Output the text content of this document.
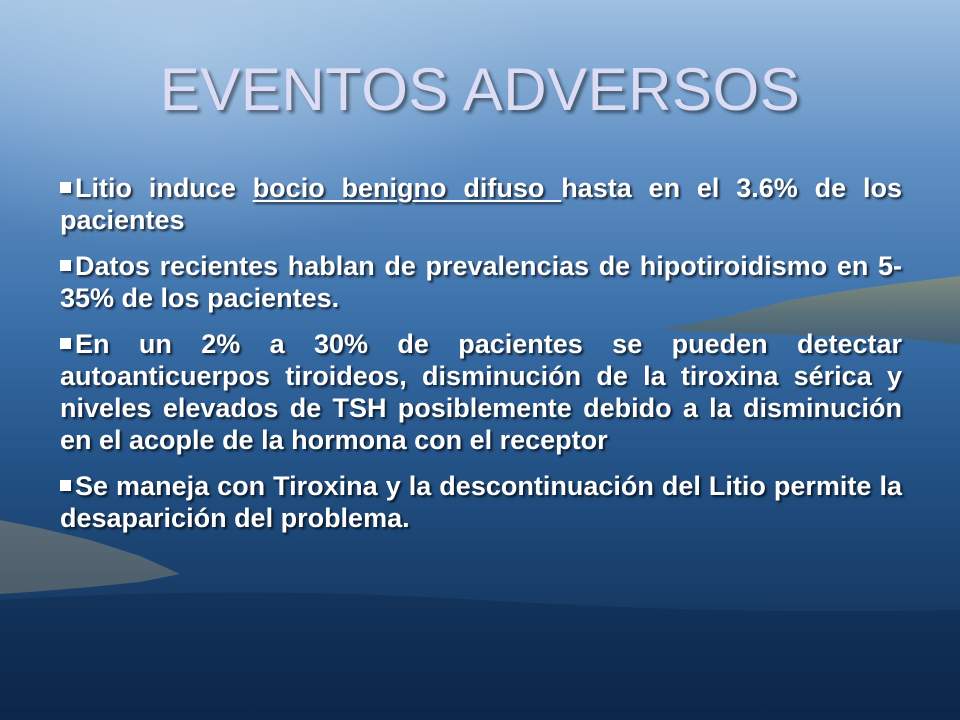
EVENTOS ADVERSOS
Litio induce bocio benigno difuso hasta en el 3.6% de los pacientes
Datos recientes hablan de prevalencias de hipotiroidismo en 5-35% de los pacientes.
En un 2% a 30% de pacientes se pueden detectar autoanticuerpos tiroideos, disminución de la tiroxina sérica y niveles elevados de TSH posiblemente debido a la disminución en el acople de la hormona con el receptor
Se maneja con Tiroxina y la descontinuación del Litio permite la desaparición del problema.
